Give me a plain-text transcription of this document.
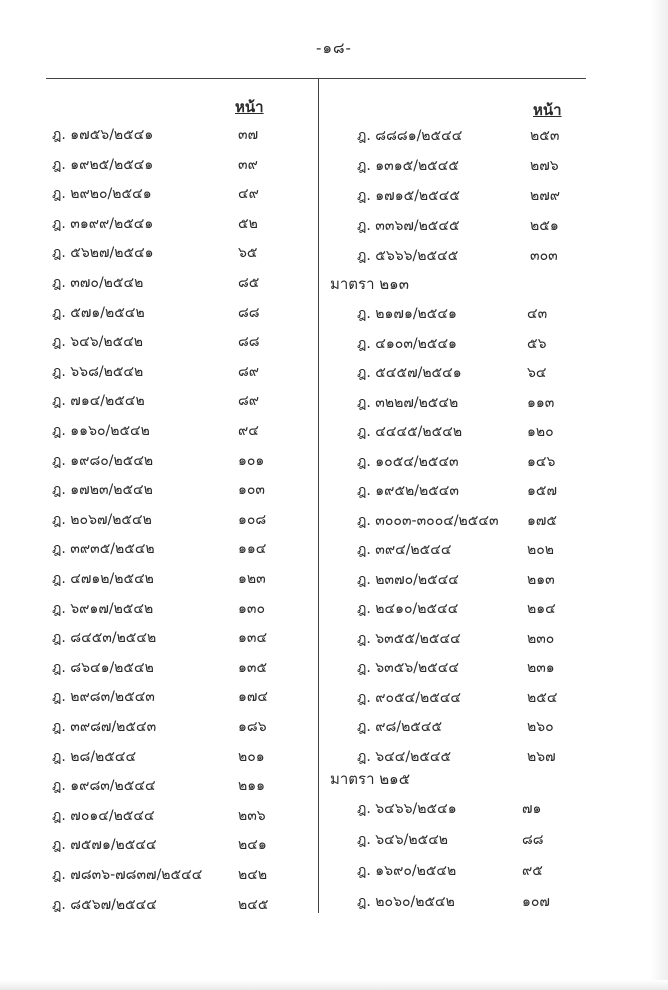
-๑๘-
หน้า	หน้า
ฎ. ๑๗๕๖/๒๕๔๑	๓๗
ฎ. ๑๙๒๕/๒๕๔๑	๓๙
ฎ. ๒๙๒๐/๒๕๔๑	๔๙
ฎ. ๓๑๙๙/๒๕๔๑	๕๒
ฎ. ๕๖๒๗/๒๕๔๑	๖๕
ฎ. ๓๗๐/๒๕๔๒	๘๕
ฎ. ๕๗๑/๒๕๔๒	๘๘
ฎ. ๖๔๖/๒๕๔๒	๘๘
ฎ. ๖๖๘/๒๕๔๒	๘๙
ฎ. ๗๑๔/๒๕๔๒	๘๙
ฎ. ๑๑๖๐/๒๕๔๒	๙๔
ฎ. ๑๙๘๐/๒๕๔๒	๑๐๑
ฎ. ๑๗๒๓/๒๕๔๒	๑๐๓
ฎ. ๒๐๖๗/๒๕๔๒	๑๐๘
ฎ. ๓๙๓๕/๒๕๔๒	๑๑๔
ฎ. ๔๗๑๒/๒๕๔๒	๑๒๓
ฎ. ๖๙๑๗/๒๕๔๒	๑๓๐
ฎ. ๘๔๕๓/๒๕๔๒	๑๓๔
ฎ. ๘๖๔๑/๒๕๔๒	๑๓๕
ฎ. ๒๙๘๓/๒๕๔๓	๑๗๔
ฎ. ๓๙๘๗/๒๕๔๓	๑๘๖
ฎ. ๒๘/๒๕๔๔	๒๐๑
ฎ. ๑๙๘๓/๒๕๔๔	๒๑๑
ฎ. ๗๐๑๔/๒๕๔๔	๒๓๖
ฎ. ๗๕๗๑/๒๕๔๔	๒๔๑
ฎ. ๗๘๓๖-๗๘๓๗/๒๕๔๔	๒๔๒
ฎ. ๘๕๖๗/๒๕๔๔	๒๔๕
ฎ. ๘๘๘๑/๒๕๔๔	๒๕๓
ฎ. ๑๓๑๕/๒๕๔๕	๒๗๖
ฎ. ๑๗๑๕/๒๕๔๕	๒๗๙
ฎ. ๓๓๖๗/๒๕๔๕	๒๕๑
ฎ. ๕๖๖๖/๒๕๔๕	๓๐๓
ฎ. ๒๑๗๑/๒๕๔๑	๔๓
ฎ. ๔๑๐๓/๒๕๔๑	๕๖
ฎ. ๕๔๕๗/๒๕๔๑	๖๔
ฎ. ๓๒๒๗/๒๕๔๒	๑๑๓
ฎ. ๔๔๔๕/๒๕๔๒	๑๒๐
ฎ. ๑๐๕๔/๒๕๔๓	๑๔๖
ฎ. ๑๙๕๒/๒๕๔๓	๑๕๗
ฎ. ๓๐๐๓-๓๐๐๔/๒๕๔๓ ๑๗๕
ฎ. ๓๙๔/๒๕๔๔	๒๐๒
ฎ. ๒๓๗๐/๒๕๔๔	๒๑๓
ฎ. ๒๔๑๐/๒๕๔๔	๒๑๔
ฎ. ๖๓๕๕/๒๕๔๔	๒๓๐
ฎ. ๖๓๕๖/๒๕๔๔	๒๓๑
ฎ. ๙๐๕๔/๒๕๔๔	๒๕๔
ฎ. ๙๘/๒๕๔๕	๒๖๐
ฎ. ๖๔๔/๒๕๔๕	๒๖๗
ฎ. ๖๔๖๖/๒๕๔๑	๗๑
ฎ. ๖๔๖/๒๕๔๒	๘๘
ฎ. ๑๖๙๐/๒๕๔๒	๙๕
ฎ. ๒๐๖๐/๒๕๔๒	๑๐๗
มาตรา ๒๑๓
มาตรา ๒๑๕
